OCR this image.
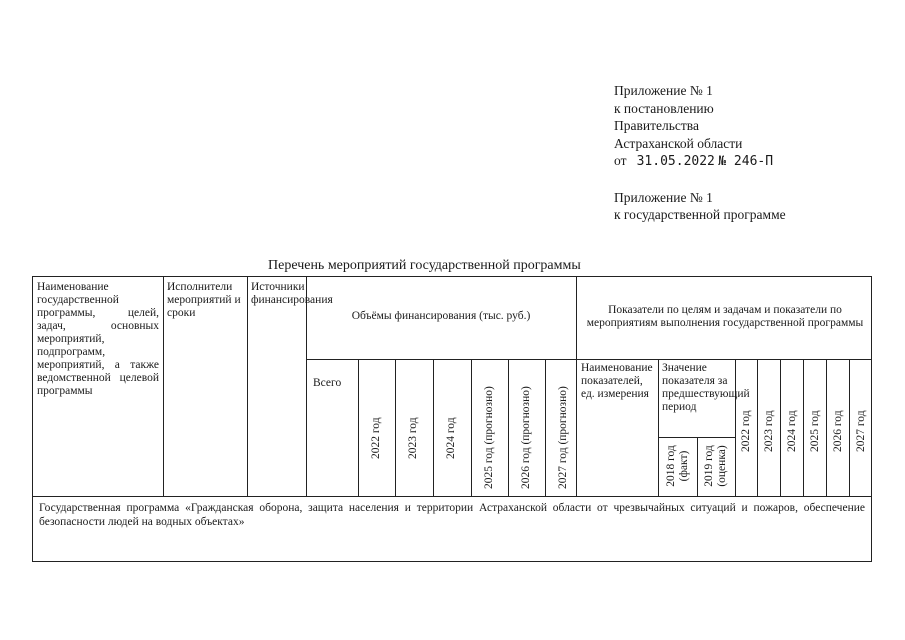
Приложение № 1
к постановлению
Правительства
Астраханской области
от 31.05.2022 № 246-П
Приложение № 1
к государственной программе
Перечень мероприятий государственной программы
Наименование государственной программы, целей, задач, основных мероприятий, подпрограмм, мероприятий, а также ведомственной целевой программы
Исполнители мероприятий и сроки
Источники финансирования
Объёмы финансирования (тыс. руб.)	Показатели по целям и задачам и показатели по мероприятиям выполнения государственной программы
Всего
Наименование показателей, ед. измерения
Значение показателя за предшествующий период
2022 год 2023 год 2024 год 2025 год (прогнозно) 2026 год (прогнозно) 2027 год (прогнозно)	2018 год (факт) 2019 год (оценка)
2022 год 2023 год 2024 год 2025 год 2026 год 2027 год
Государственная программа «Гражданская оборона, защита населения и территории Астраханской области от чрезвычайных ситуаций и пожаров, обеспечение безопасности людей на водных объектах»
